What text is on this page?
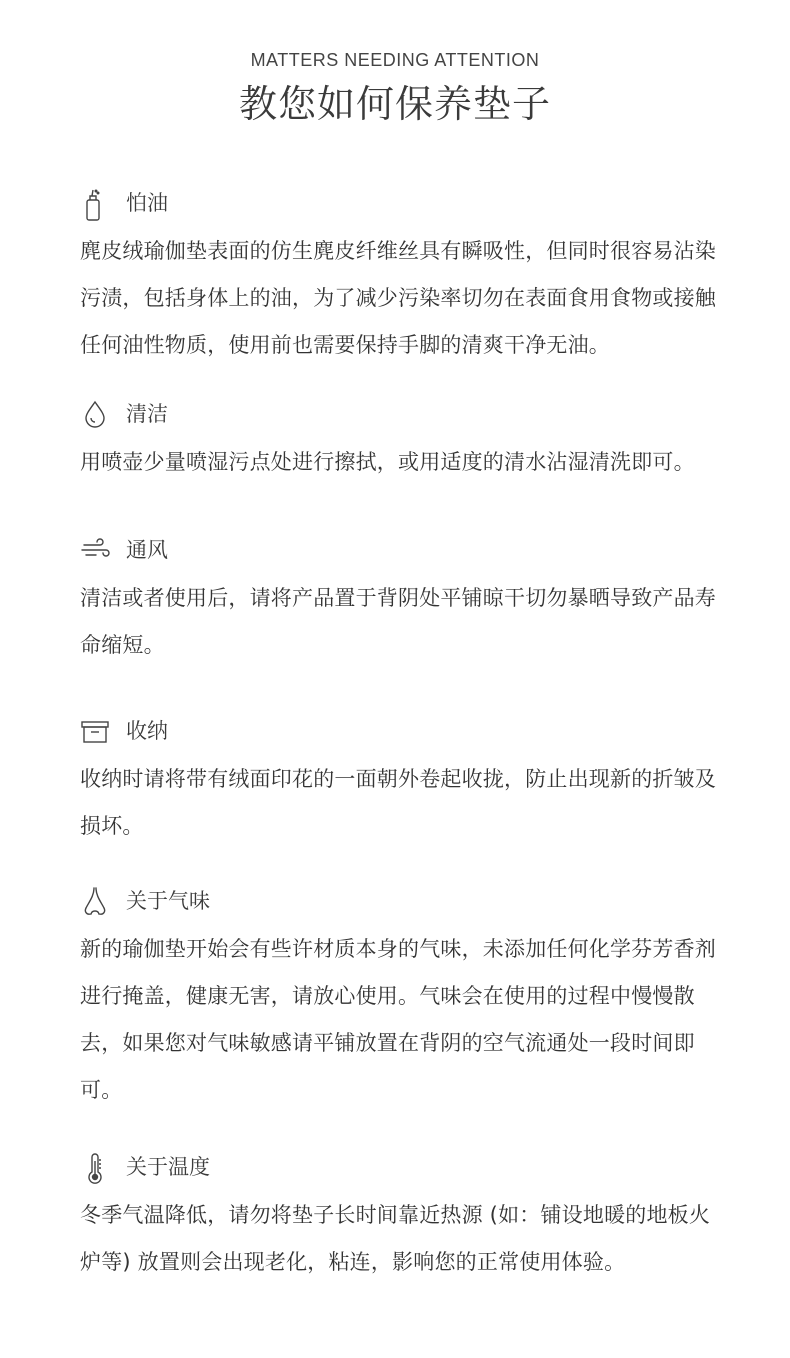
MATTERS NEEDING ATTENTION
教您如何保养垫子
怕油
麂皮绒瑜伽垫表面的仿生麂皮纤维丝具有瞬吸性，但同时很容易沾染污渍，包括身体上的油，为了减少污染率切勿在表面食用食物或接触任何油性物质，使用前也需要保持手脚的清爽干净无油。
清洁
用喷壶少量喷湿污点处进行擦拭，或用适度的清水沾湿清洗即可。
通风
清洁或者使用后，请将产品置于背阴处平铺晾干切勿暴晒导致产品寿命缩短。
收纳
收纳时请将带有绒面印花的一面朝外卷起收拢，防止出现新的折皱及损坏。
关于气味
新的瑜伽垫开始会有些许材质本身的气味，未添加任何化学芬芳香剂进行掩盖，健康无害，请放心使用。气味会在使用的过程中慢慢散去，如果您对气味敏感请平铺放置在背阴的空气流通处一段时间即可。
关于温度
冬季气温降低，请勿将垫子长时间靠近热源 (如：铺设地暖的地板火炉等) 放置则会出现老化，粘连，影响您的正常使用体验。
